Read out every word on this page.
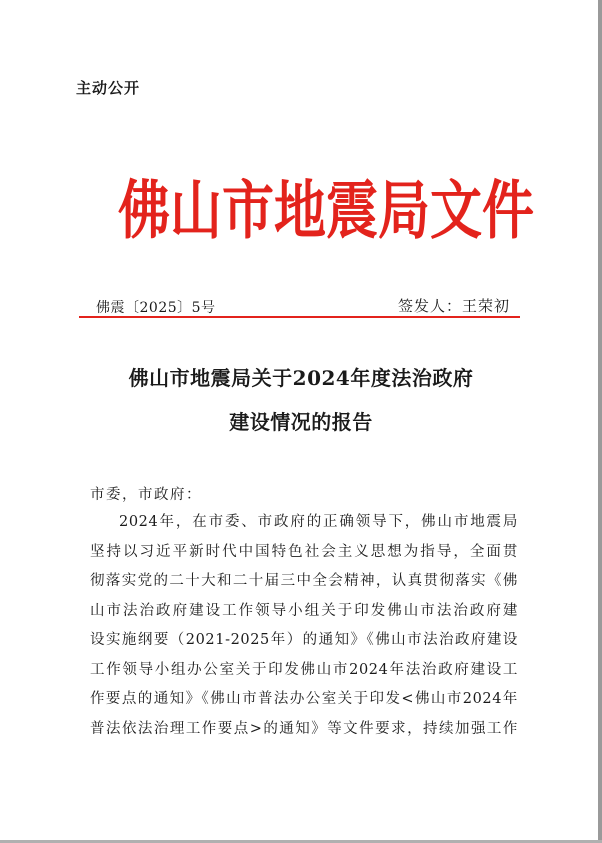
主动公开
佛山市地震局文件
佛震〔2025〕5号	签发人：王荣初
佛山市地震局关于2024年度法治政府
建设情况的报告
市委，市政府：
2024年，在市委、市政府的正确领导下，佛山市地震局
坚持以习近平新时代中国特色社会主义思想为指导，全面贯
彻落实党的二十大和二十届三中全会精神，认真贯彻落实《佛
山市法治政府建设工作领导小组关于印发佛山市法治政府建
设实施纲要（2021-2025年）的通知》《佛山市法治政府建设
工作领导小组办公室关于印发佛山市2024年法治政府建设工
作要点的通知》《佛山市普法办公室关于印发<佛山市2024年
普法依法治理工作要点>的通知》等文件要求，持续加强工作
